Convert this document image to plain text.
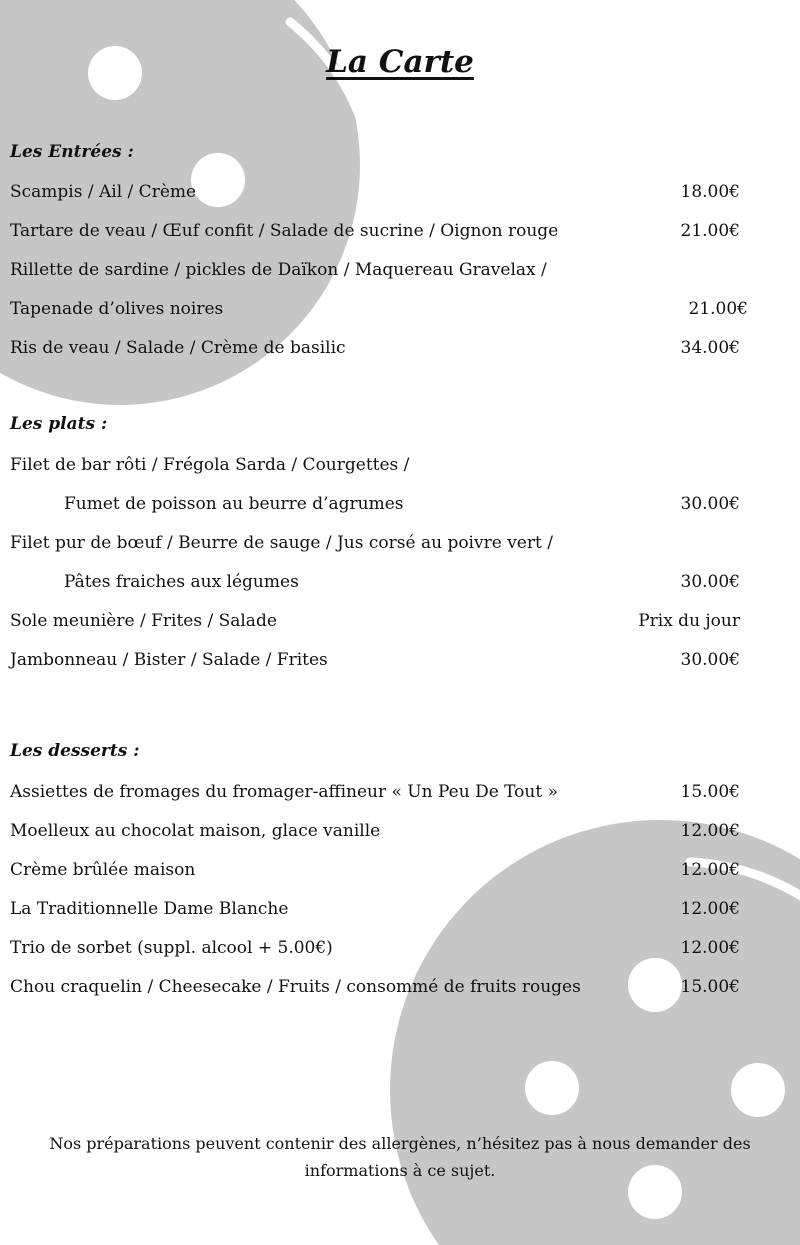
La Carte
Les Entrées :
Scampis / Ail / Crème	18.00€
Tartare de veau / Œuf confit / Salade de sucrine / Oignon rouge	21.00€
Rillette de sardine / pickles de Daïkon / Maquereau Gravelax /
Tapenade d’olives noires	21.00€
Ris de veau / Salade / Crème de basilic	34.00€
Les plats :
Filet de bar rôti / Frégola Sarda / Courgettes /
Fumet de poisson au beurre d’agrumes	30.00€
Filet pur de bœuf / Beurre de sauge / Jus corsé au poivre vert /
Pâtes fraiches aux légumes	30.00€
Sole meunière / Frites / Salade	Prix du jour
Jambonneau / Bister / Salade / Frites	30.00€
Les desserts :
Assiettes de fromages du fromager-affineur « Un Peu De Tout »	15.00€
Moelleux au chocolat maison, glace vanille	12.00€
Crème brûlée maison	12.00€
La Traditionnelle Dame Blanche	12.00€
Trio de sorbet (suppl. alcool + 5.00€)	12.00€
Chou craquelin / Cheesecake / Fruits / consommé de fruits rouges	15.00€
Nos préparations peuvent contenir des allergènes, n’hésitez pas à nous demander des informations à ce sujet.
